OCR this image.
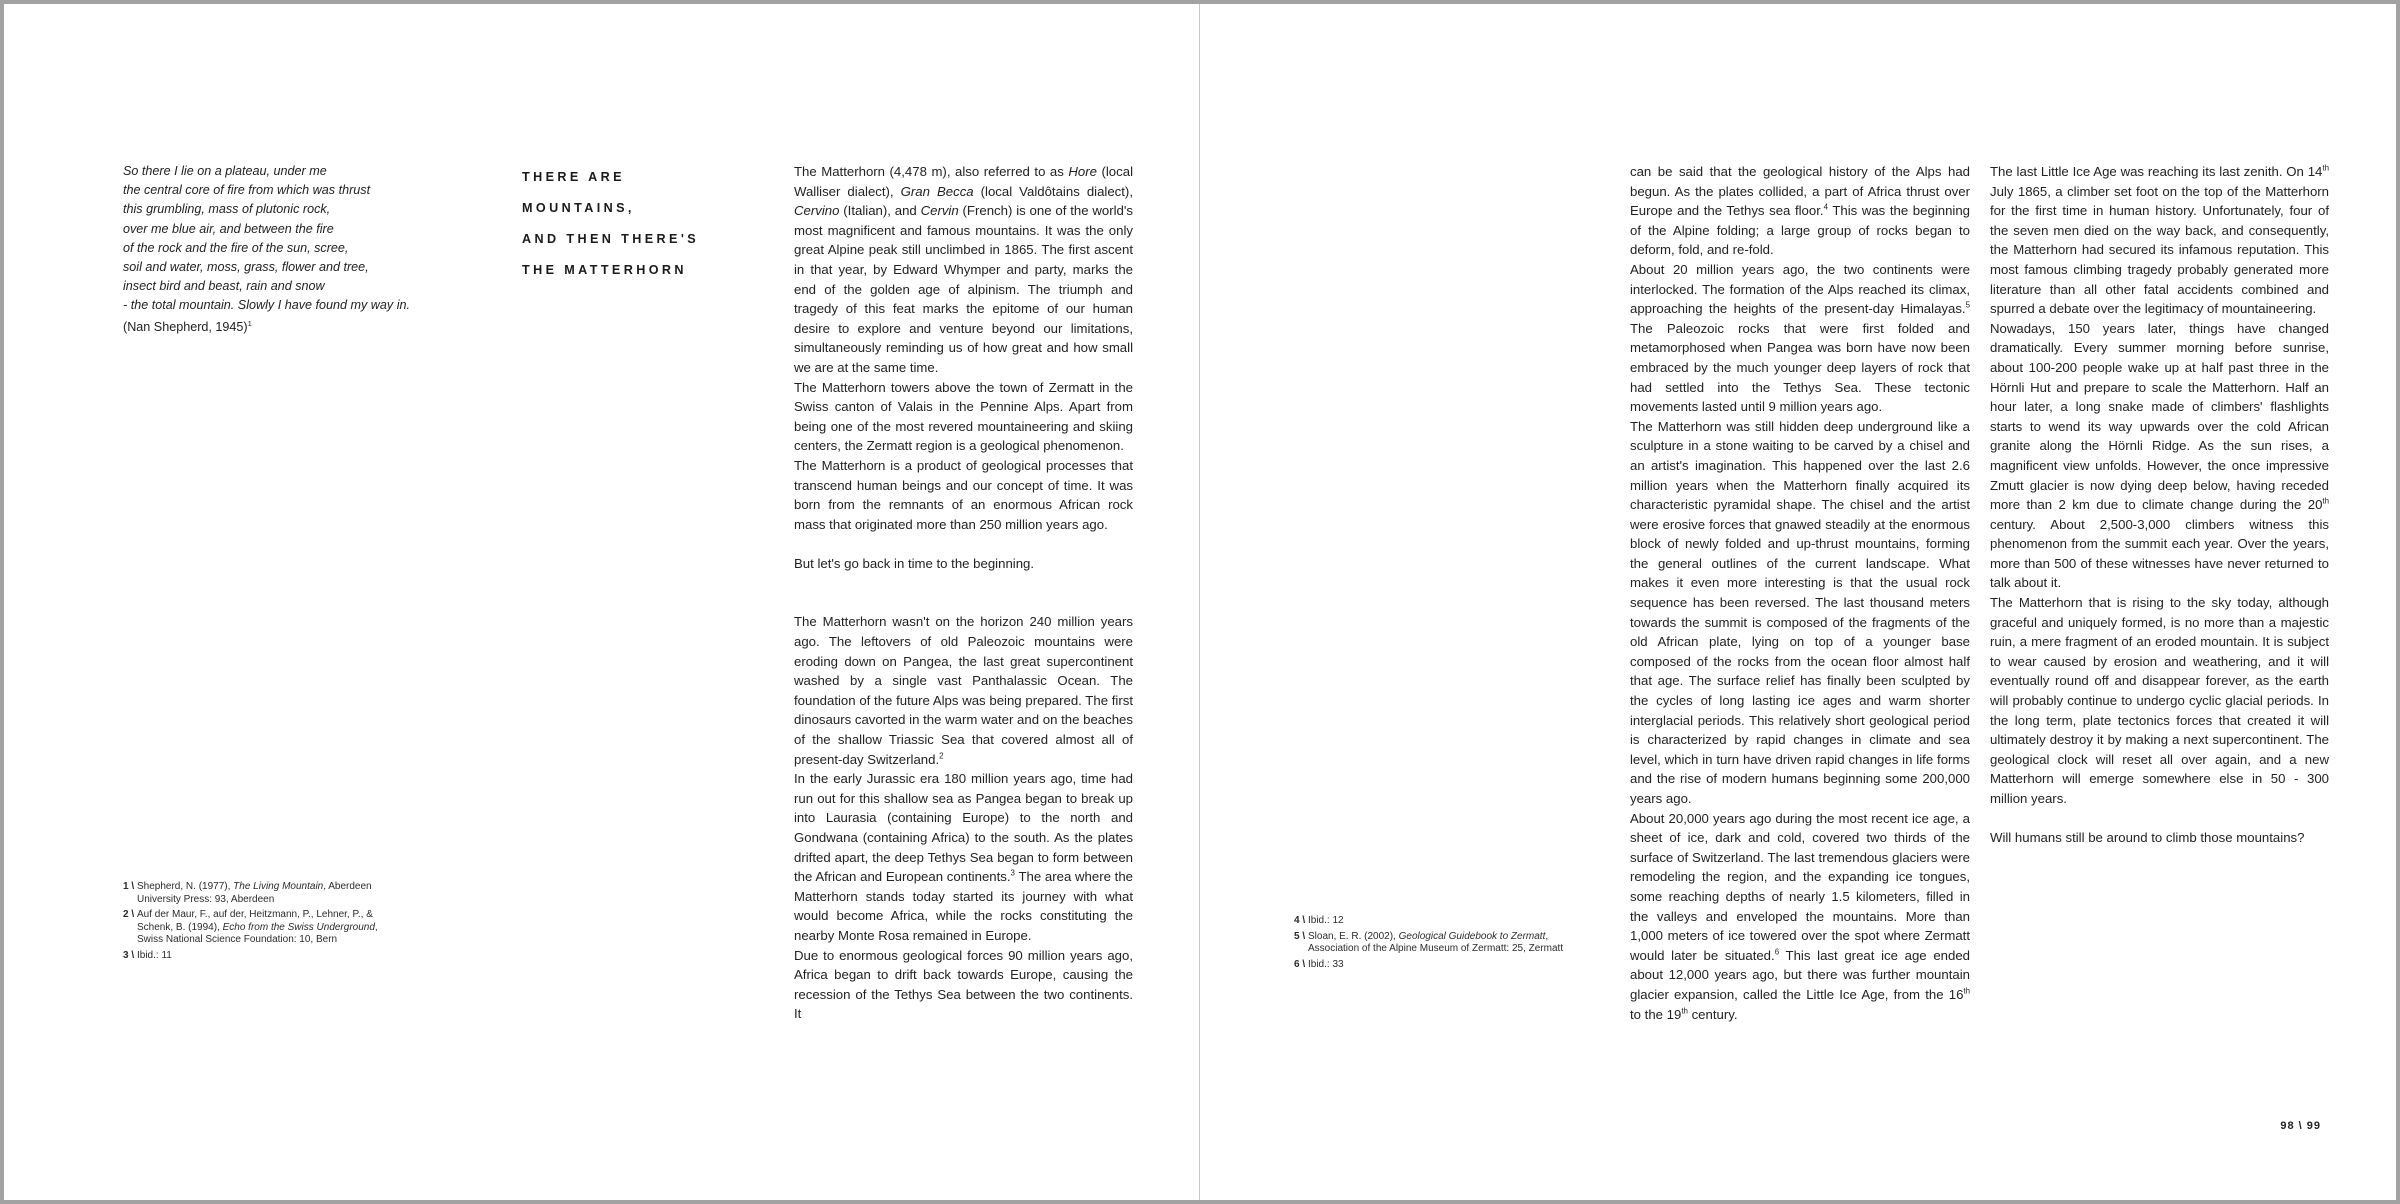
So there I lie on a plateau, under me
the central core of fire from which was thrust
this grumbling, mass of plutonic rock,
over me blue air, and between the fire
of the rock and the fire of the sun, scree,
soil and water, moss, grass, flower and tree,
insect bird and beast, rain and snow
- the total mountain. Slowly I have found my way in.
(Nan Shepherd, 1945)$^1$
THERE ARE
MOUNTAINS,
AND THEN THERE'S
THE MATTERHORN

The Matterhorn (4,478 m), also referred to as Hore (local Walliser dialect), Gran Becca (local Valdôtains dialect), Cervino (Italian), and Cervin (French) is one of the world's most magnificent and famous mountains. It was the only great Alpine peak still unclimbed in 1865. The first ascent in that year, by Edward Whymper and party, marks the end of the golden age of alpinism. The triumph and tragedy of this feat marks the epitome of our human desire to explore and venture beyond our limitations, simultaneously reminding us of how great and how small we are at the same time.

The Matterhorn towers above the town of Zermatt in the Swiss canton of Valais in the Pennine Alps. Apart from being one of the most revered mountaineering and skiing centers, the Zermatt region is a geological phenomenon.

The Matterhorn is a product of geological processes that transcend human beings and our concept of time. It was born from the remnants of an enormous African rock mass that originated more than 250 million years ago.

But let's go back in time to the beginning.

The Matterhorn wasn't on the horizon 240 million years ago. The leftovers of old Paleozoic mountains were eroding down on Pangea, the last great supercontinent washed by a single vast Panthalassic Ocean. The foundation of the future Alps was being prepared. The first dinosaurs cavorted in the warm water and on the beaches of the shallow Triassic Sea that covered almost all of present-day Switzerland.$^2$

In the early Jurassic era 180 million years ago, time had run out for this shallow sea as Pangea began to break up into Laurasia (containing Europe) to the north and Gondwana (containing Africa) to the south. As the plates drifted apart, the deep Tethys Sea began to form between the African and European continents.$^3$ The area where the Matterhorn stands today started its journey with what would become Africa, while the rocks constituting the nearby Monte Rosa remained in Europe.

Due to enormous geological forces 90 million years ago, Africa began to drift back towards Europe, causing the recession of the Tethys Sea between the two continents. It

1 \ Shepherd, N. (1977), The Living Mountain, Aberdeen University Press: 93, Aberdeen
2 \ Auf der Maur, F., auf der, Heitzmann, P., Lehner, P., & Schenk, B. (1994), Echo from the Swiss Underground, Swiss National Science Foundation: 10, Bern
3 \ Ibid.: 11
4 \ Ibid.: 12
5 \ Sloan, E. R. (2002), Geological Guidebook to Zermatt, Association of the Alpine Museum of Zermatt: 25, Zermatt
6 \ Ibid.: 33

can be said that the geological history of the Alps had begun. As the plates collided, a part of Africa thrust over Europe and the Tethys sea floor.$^4$ This was the beginning of the Alpine folding; a large group of rocks began to deform, fold, and re-fold.

About 20 million years ago, the two continents were interlocked. The formation of the Alps reached its climax, approaching the heights of the present-day Himalayas.$^5$ The Paleozoic rocks that were first folded and metamorphosed when Pangea was born have now been embraced by the much younger deep layers of rock that had settled into the Tethys Sea. These tectonic movements lasted until 9 million years ago.

The Matterhorn was still hidden deep underground like a sculpture in a stone waiting to be carved by a chisel and an artist's imagination. This happened over the last 2.6 million years when the Matterhorn finally acquired its characteristic pyramidal shape. The chisel and the artist were erosive forces that gnawed steadily at the enormous block of newly folded and up-thrust mountains, forming the general outlines of the current landscape. What makes it even more interesting is that the usual rock sequence has been reversed. The last thousand meters towards the summit is composed of the fragments of the old African plate, lying on top of a younger base composed of the rocks from the ocean floor almost half that age. The surface relief has finally been sculpted by the cycles of long lasting ice ages and warm shorter interglacial periods. This relatively short geological period is characterized by rapid changes in climate and sea level, which in turn have driven rapid changes in life forms and the rise of modern humans beginning some 200,000 years ago.

About 20,000 years ago during the most recent ice age, a sheet of ice, dark and cold, covered two thirds of the surface of Switzerland. The last tremendous glaciers were remodeling the region, and the expanding ice tongues, some reaching depths of nearly 1.5 kilometers, filled in the valleys and enveloped the mountains. More than 1,000 meters of ice towered over the spot where Zermatt would later be situated.$^6$ This last great ice age ended about 12,000 years ago, but there was further mountain glacier expansion, called the Little Ice Age, from the 16th to the 19th century.

The last Little Ice Age was reaching its last zenith. On 14th July 1865, a climber set foot on the top of the Matterhorn for the first time in human history. Unfortunately, four of the seven men died on the way back, and consequently, the Matterhorn had secured its infamous reputation. This most famous climbing tragedy probably generated more literature than all other fatal accidents combined and spurred a debate over the legitimacy of mountaineering.

Nowadays, 150 years later, things have changed dramatically. Every summer morning before sunrise, about 100-200 people wake up at half past three in the Hörnli Hut and prepare to scale the Matterhorn. Half an hour later, a long snake made of climbers' flashlights starts to wend its way upwards over the cold African granite along the Hörnli Ridge. As the sun rises, a magnificent view unfolds. However, the once impressive Zmutt glacier is now dying deep below, having receded more than 2 km due to climate change during the 20th century. About 2,500-3,000 climbers witness this phenomenon from the summit each year. Over the years, more than 500 of these witnesses have never returned to talk about it.

The Matterhorn that is rising to the sky today, although graceful and uniquely formed, is no more than a majestic ruin, a mere fragment of an eroded mountain. It is subject to wear caused by erosion and weathering, and it will eventually round off and disappear forever, as the earth will probably continue to undergo cyclic glacial periods. In the long term, plate tectonics forces that created it will ultimately destroy it by making a next supercontinent. The geological clock will reset all over again, and a new Matterhorn will emerge somewhere else in 50 - 300 million years.

Will humans still be around to climb those mountains?

98 \ 99
